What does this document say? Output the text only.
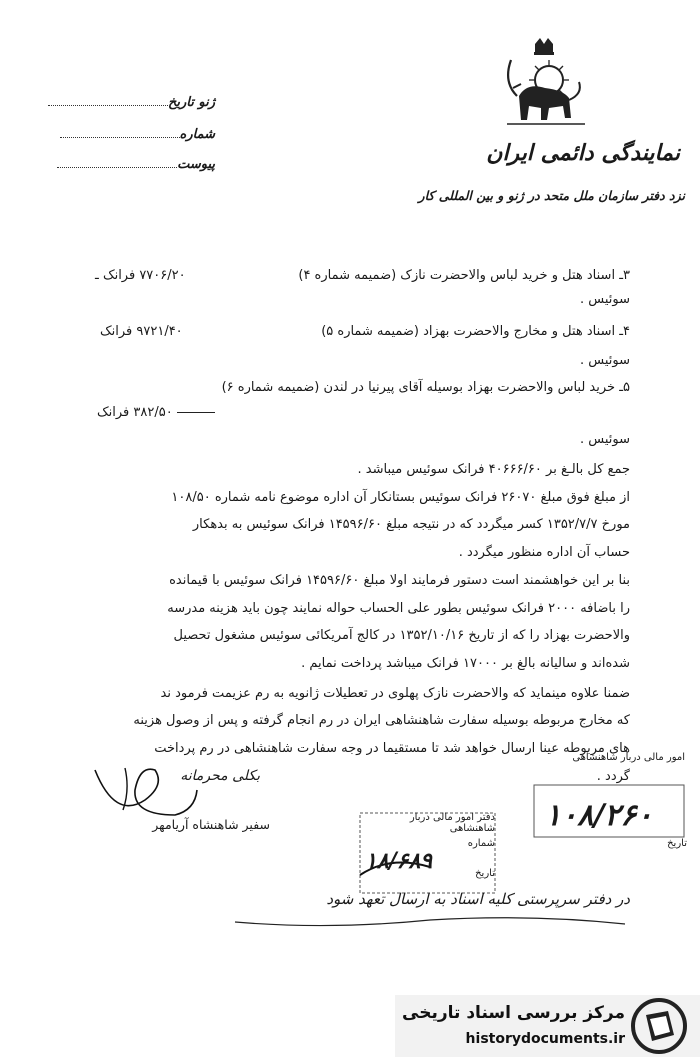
نمایندگی دائمی ایران
نزد دفتر سازمان ملل متحد در ژنو و بین المللی کار
ژنو تاریخ
شماره
پیوست
۳ـ اسناد هتل و خرید لباس والاحضرت نازک (ضمیمه شماره ۴)
۷۷۰۶/۲۰ فرانک ـ
سوئیس .
۴ـ اسناد هتل و مخارج والاحضرت بهزاد (ضمیمه شماره ۵)
۹۷۲۱/۴۰ فرانک
سوئیس .
۵ـ خرید لباس والاحضرت بهزاد بوسیله آقای پیرنیا در لندن (ضمیمه شماره ۶)
۳۸۲/۵۰ فرانک
سوئیس .
جمع کل بالـغ بر ۴۰۶۶۶/۶۰ فرانک سوئیس میباشد .
از مبلغ فوق مبلغ ۲۶۰۷۰ فرانک سوئیس بستانکار آن اداره موضوع نامه شماره ۱۰۸/۵۰
مورخ ۱۳۵۲/۷/۷ کسر میگردد که در نتیجه مبلغ ۱۴۵۹۶/۶۰ فرانک سوئیس به بدهکار
حساب آن اداره منظور میگردد .
بنا بر این خواهشمند است دستور فرمایند اولا مبلغ ۱۴۵۹۶/۶۰ فرانک سوئیس با قیمانده
را باضافه ۲۰۰۰ فرانک سوئیس بطور علی الحساب حواله نمایند چون باید هزینه مدرسه
والاحضرت بهزاد را که از تاریخ ۱۳۵۲/۱۰/۱۶ در کالج آمریکائی سوئیس مشغول تحصیل
شده‌اند و سالیانه بالغ بر ۱۷۰۰۰ فرانک میباشد پرداخت نمایم .
ضمنا علاوه مینماید که والاحضرت نازک پهلوی در تعطیلات ژانویه به رم عزیمت فرمود ند
که مخارج مربوطه بوسیله سفارت شاهنشاهی ایران در رم انجام گرفته و پس از وصول هزینه
های مربوطه عینا ارسال خواهد شد تا مستقیما در وجه سفارت شاهنشاهی در رم پرداخت
گردد .
بکلی محرمانه
سفیر شاهنشاه آریامهر	دفتر امور مالی دربار شاهنشاهی
شماره
تاریخ
۱۸/۶۸۹
امور مالی دربار شاهنشاهی
۱۰۸/۲۶۰
تاریخ
در دفتر سرپرستی کلیه اسناد به ارسال تعهد شود
مرکز بررسی اسناد تاریخی
historydocuments.ir
